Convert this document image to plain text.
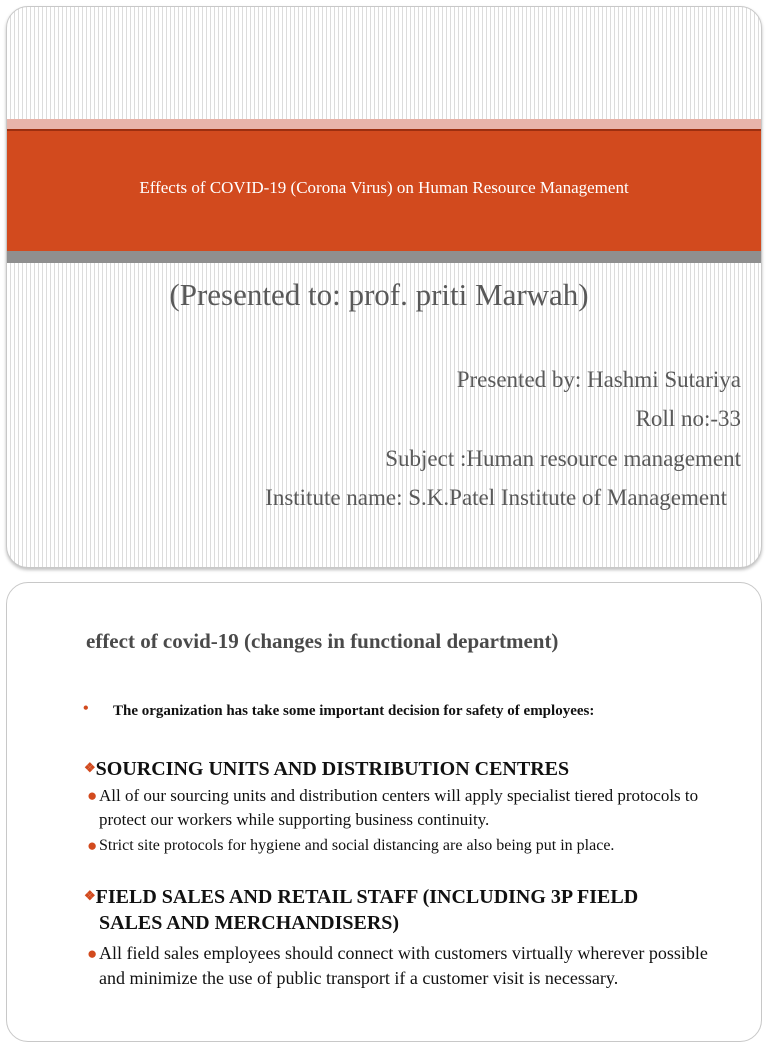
Effects of COVID-19 (Corona Virus) on Human Resource Management
(Presented to: prof. priti Marwah)
Presented by: Hashmi Sutariya
Roll no:-33
Subject :Human resource management
Institute name: S.K.Patel Institute of Management
effect of covid-19 (changes in functional department)
• The organization has take some important decision for safety of employees:
❖SOURCING UNITS AND DISTRIBUTION CENTRES
● All of our sourcing units and distribution centers will apply specialist tiered protocols to protect our workers while supporting business continuity.
● Strict site protocols for hygiene and social distancing are also being put in place.
❖FIELD SALES AND RETAIL STAFF (INCLUDING 3P FIELD
SALES AND MERCHANDISERS)
● All field sales employees should connect with customers virtually wherever possible and minimize the use of public transport if a customer visit is necessary.
